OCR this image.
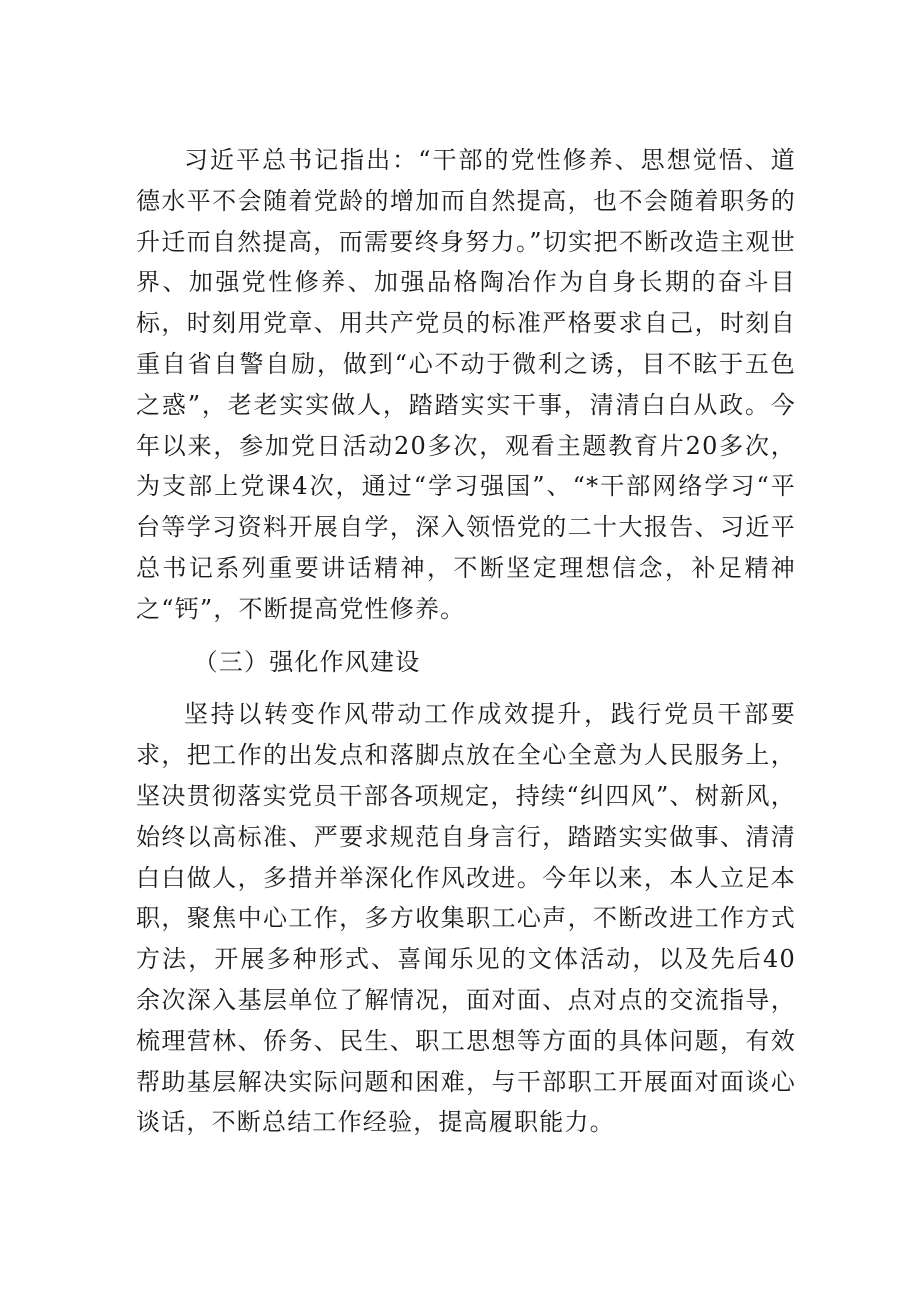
习近平总书记指出：“干部的党性修养、思想觉悟、道德水平不会随着党龄的增加而自然提高，也不会随着职务的升迁而自然提高，而需要终身努力。”切实把不断改造主观世界、加强党性修养、加强品格陶冶作为自身长期的奋斗目标，时刻用党章、用共产党员的标准严格要求自己，时刻自重自省自警自励，做到“心不动于微利之诱，目不眩于五色之惑”，老老实实做人，踏踏实实干事，清清白白从政。今年以来，参加党日活动20多次，观看主题教育片20多次，为支部上党课4次，通过“学习强国”、“*干部网络学习“平台等学习资料开展自学，深入领悟党的二十大报告、习近平总书记系列重要讲话精神，不断坚定理想信念，补足精神之“钙”，不断提高党性修养。

（三）强化作风建设

坚持以转变作风带动工作成效提升，践行党员干部要求，把工作的出发点和落脚点放在全心全意为人民服务上，坚决贯彻落实党员干部各项规定，持续“纠四风”、树新风，始终以高标准、严要求规范自身言行，踏踏实实做事、清清白白做人，多措并举深化作风改进。今年以来，本人立足本职，聚焦中心工作，多方收集职工心声，不断改进工作方式方法，开展多种形式、喜闻乐见的文体活动，以及先后40余次深入基层单位了解情况，面对面、点对点的交流指导，梳理营林、侨务、民生、职工思想等方面的具体问题，有效帮助基层解决实际问题和困难，与干部职工开展面对面谈心谈话，不断总结工作经验，提高履职能力。
